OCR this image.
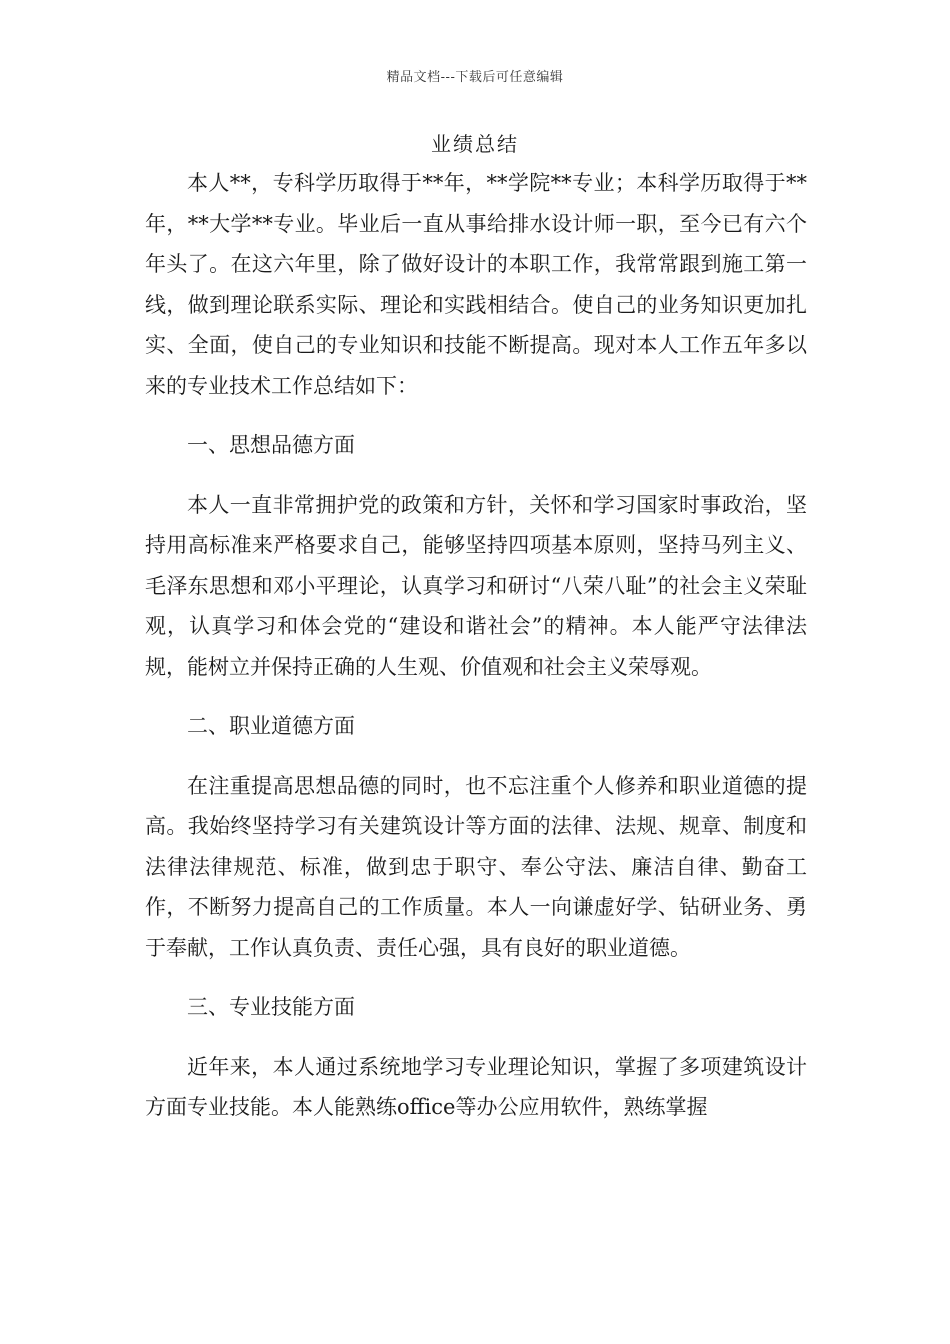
精品文档---下载后可任意编辑
业绩总结

本人**，专科学历取得于**年，**学院**专业；本科学历取得于**年，**大学**专业。毕业后一直从事给排水设计师一职，至今已有六个年头了。在这六年里，除了做好设计的本职工作，我常常跟到施工第一线，做到理论联系实际、理论和实践相结合。使自己的业务知识更加扎实、全面，使自己的专业知识和技能不断提高。现对本人工作五年多以来的专业技术工作总结如下：

一、思想品德方面

本人一直非常拥护党的政策和方针，关怀和学习国家时事政治，坚持用高标准来严格要求自己，能够坚持四项基本原则，坚持马列主义、毛泽东思想和邓小平理论，认真学习和研讨“八荣八耻”的社会主义荣耻观，认真学习和体会党的“建设和谐社会”的精神。本人能严守法律法规，能树立并保持正确的人生观、价值观和社会主义荣辱观。

二、职业道德方面

在注重提高思想品德的同时，也不忘注重个人修养和职业道德的提高。我始终坚持学习有关建筑设计等方面的法律、法规、规章、制度和法律法律规范、标准，做到忠于职守、奉公守法、廉洁自律、勤奋工作，不断努力提高自己的工作质量。本人一向谦虚好学、钻研业务、勇于奉献，工作认真负责、责任心强，具有良好的职业道德。

三、专业技能方面

近年来，本人通过系统地学习专业理论知识，掌握了多项建筑设计方面专业技能。本人能熟练office等办公应用软件，熟练掌握
